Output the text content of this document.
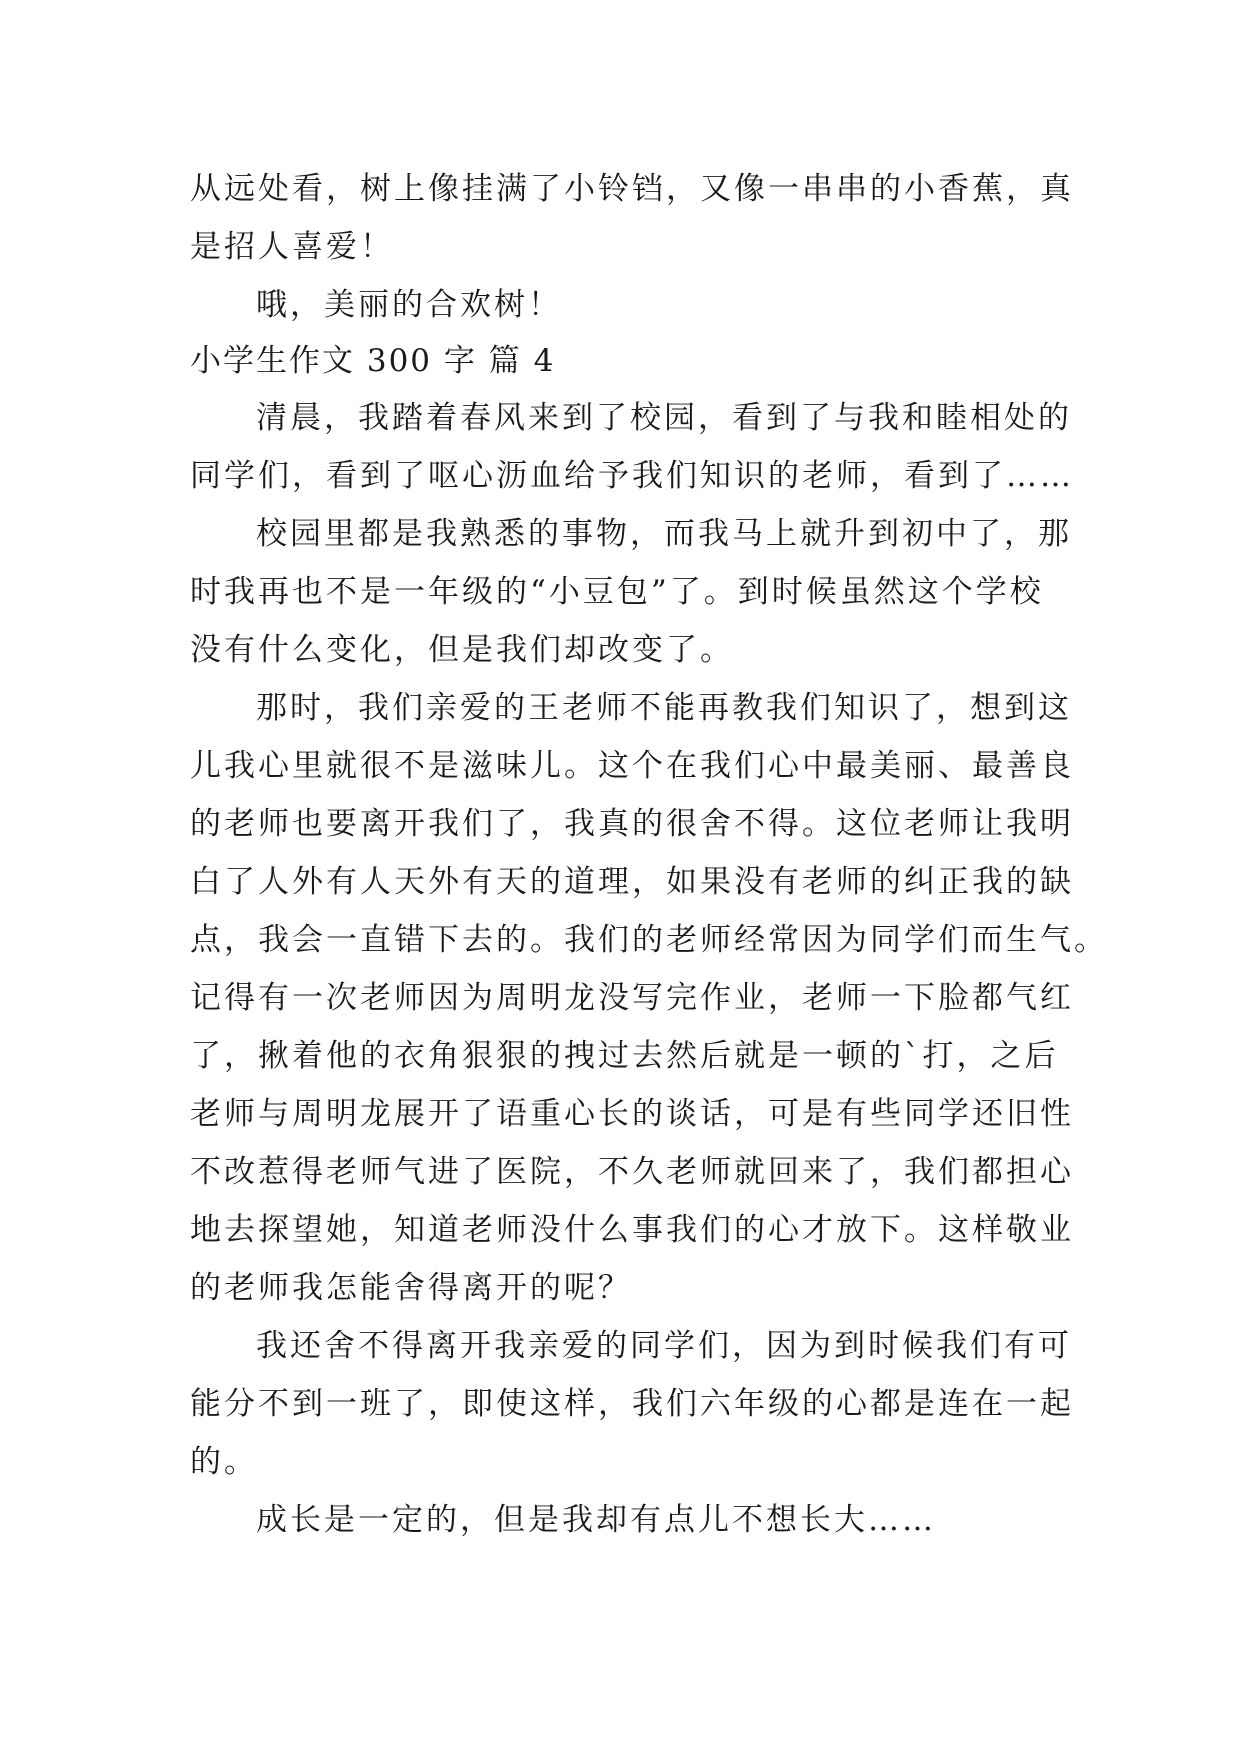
从远处看，树上像挂满了小铃铛，又像一串串的小香蕉，真
是招人喜爱！
哦，美丽的合欢树！
小学生作文 300 字 篇 4
清晨，我踏着春风来到了校园，看到了与我和睦相处的
同学们，看到了呕心沥血给予我们知识的老师，看到了……
校园里都是我熟悉的事物，而我马上就升到初中了，那
时我再也不是一年级的“小豆包”了。到时候虽然这个学校
没有什么变化，但是我们却改变了。
那时，我们亲爱的王老师不能再教我们知识了，想到这
儿我心里就很不是滋味儿。这个在我们心中最美丽、最善良
的老师也要离开我们了，我真的很舍不得。这位老师让我明
白了人外有人天外有天的道理，如果没有老师的纠正我的缺
点，我会一直错下去的。我们的老师经常因为同学们而生气。
记得有一次老师因为周明龙没写完作业，老师一下脸都气红
了，揪着他的衣角狠狠的拽过去然后就是一顿的`打，之后
老师与周明龙展开了语重心长的谈话，可是有些同学还旧性
不改惹得老师气进了医院，不久老师就回来了，我们都担心
地去探望她，知道老师没什么事我们的心才放下。这样敬业
的老师我怎能舍得离开的呢？
我还舍不得离开我亲爱的同学们，因为到时候我们有可
能分不到一班了，即使这样，我们六年级的心都是连在一起
的。
成长是一定的，但是我却有点儿不想长大……
